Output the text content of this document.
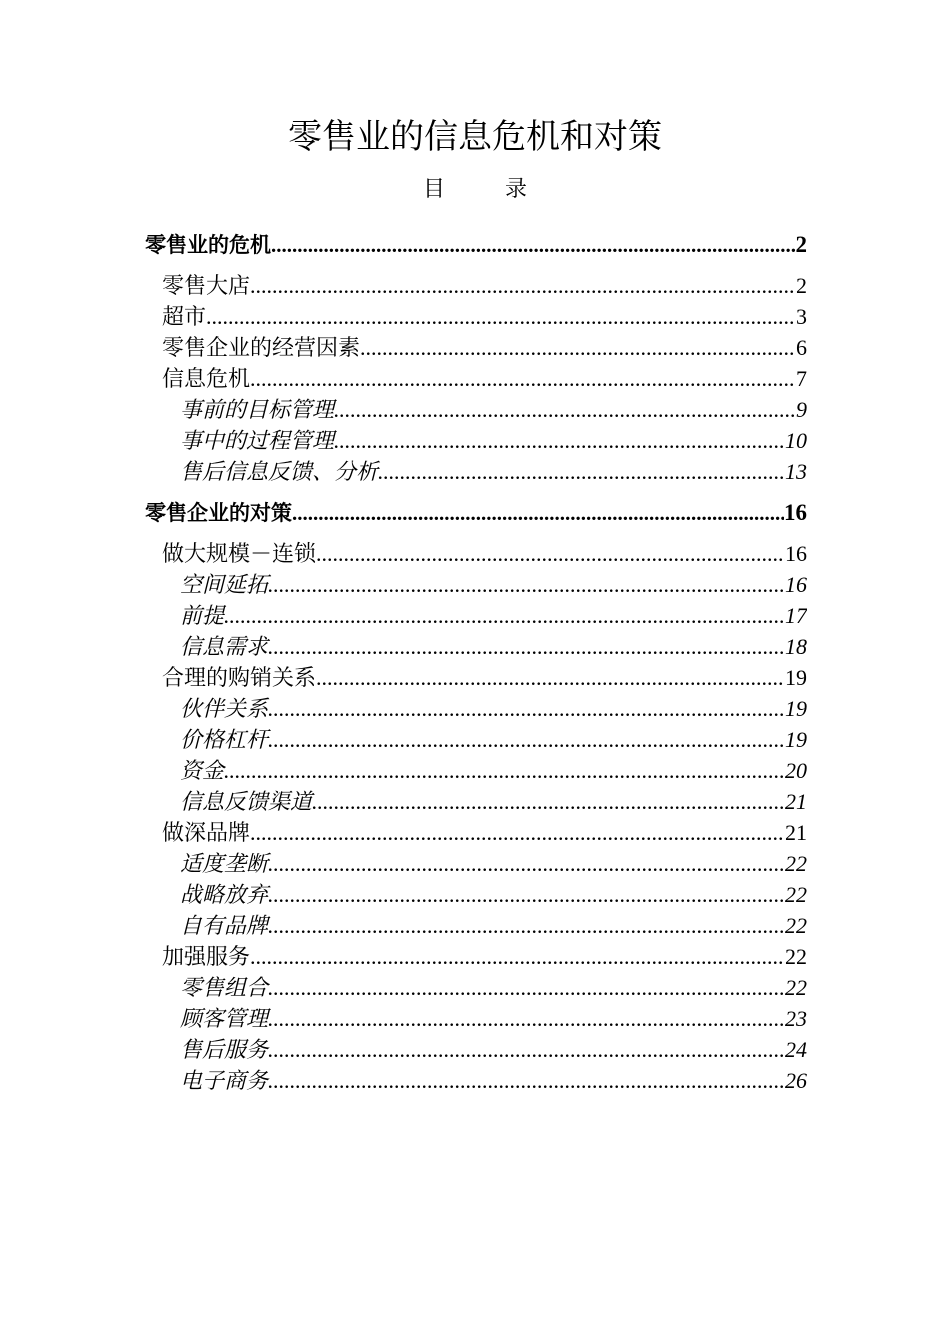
零售业的信息危机和对策
目	录
零售业的危机 .....	2
零售大店 .....	2
超市 .....	3
零售企业的经营因素 .....	6
信息危机 .....	7
事前的目标管理 .....	9
事中的过程管理 .....	10
售后信息反馈、分析 .....	13
零售企业的对策 .....	16
做大规模－连锁 .....	16
空间延拓 .....	16
前提 .....	17
信息需求 .....	18
合理的购销关系 .....	19
伙伴关系 .....	19
价格杠杆 .....	19
资金 .....	20
信息反馈渠道 .....	21
做深品牌 .....	21
适度垄断 .....	22
战略放弃 .....	22
自有品牌 .....	22
加强服务 .....	22
零售组合 .....	22
顾客管理 .....	23
售后服务 .....	24
电子商务 .....	26
